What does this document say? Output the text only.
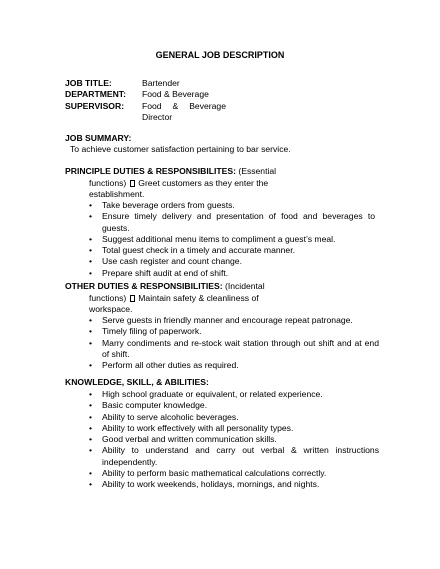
GENERAL JOB DESCRIPTION
JOB TITLE:	Bartender
DEPARTMENT:	Food & Beverage
SUPERVISOR:	Food & Beverage
Director
JOB SUMMARY:
To achieve customer satisfaction pertaining to bar service.
PRINCIPLE DUTIES & RESPONSIBILITES: (Essential
functions) Greet customers as they enter the
establishment.
• Take beverage orders from guests.
• Ensure timely delivery and presentation of food and beverages to guests.
• Suggest additional menu items to compliment a guest’s meal.
• Total guest check in a timely and accurate manner.
• Use cash register and count change.
• Prepare shift audit at end of shift.
OTHER DUTIES & RESPONSIBILITIES: (Incidental
functions) Maintain safety & cleanliness of
workspace.
• Serve guests in friendly manner and encourage repeat patronage.
• Timely filing of paperwork.
• Marry condiments and re-stock wait station through out shift and at end of shift.
• Perform all other duties as required.
KNOWLEDGE, SKILL, & ABILITIES:
• High school graduate or equivalent, or related experience.
• Basic computer knowledge.
• Ability to serve alcoholic beverages.
• Ability to work effectively with all personality types.
• Good verbal and written communication skills.
• Ability to understand and carry out verbal & written instructions independently.
• Ability to perform basic mathematical calculations correctly.
• Ability to work weekends, holidays, mornings, and nights.
